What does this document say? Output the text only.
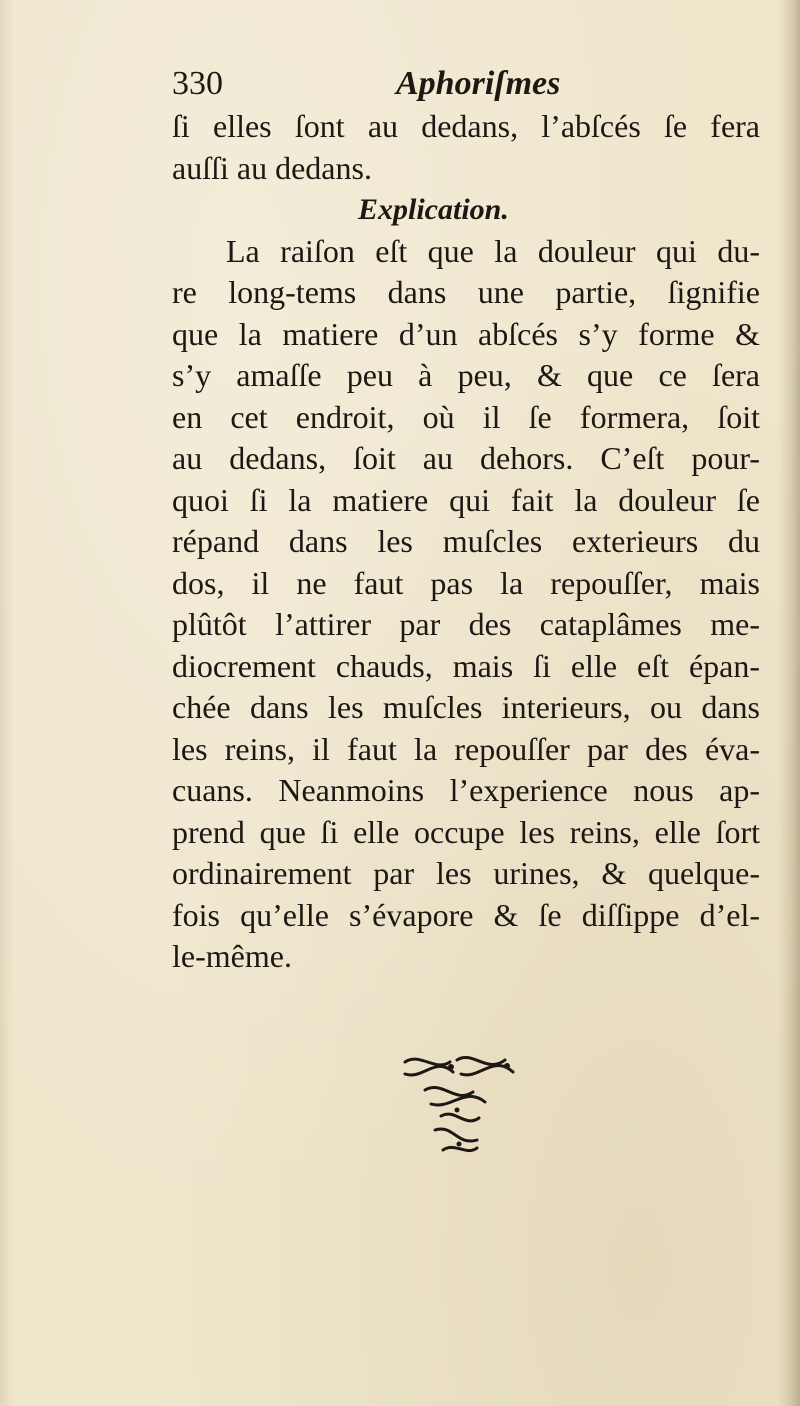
330	Aphoriſmes
ſi elles ſont au dedans, l’abſcés ſe fera
auſſi au dedans.
Explication.
La raiſon eſt que la douleur qui du-
re long-tems dans une partie, ſignifie
que la matiere d’un abſcés s’y forme &
s’y amaſſe peu à peu, & que ce ſera
en cet endroit, où il ſe formera, ſoit
au dedans, ſoit au dehors. C’eſt pour-
quoi ſi la matiere qui fait la douleur ſe
répand dans les muſcles exterieurs du
dos, il ne faut pas la repouſſer, mais
plûtôt l’attirer par des cataplâmes me-
diocrement chauds, mais ſi elle eſt épan-
chée dans les muſcles interieurs, ou dans
les reins, il faut la repouſſer par des éva-
cuans. Neanmoins l’experience nous ap-
prend que ſi elle occupe les reins, elle ſort
ordinairement par les urines, & quelque-
fois qu’elle s’évapore & ſe diſſippe d’el-
le-même.
